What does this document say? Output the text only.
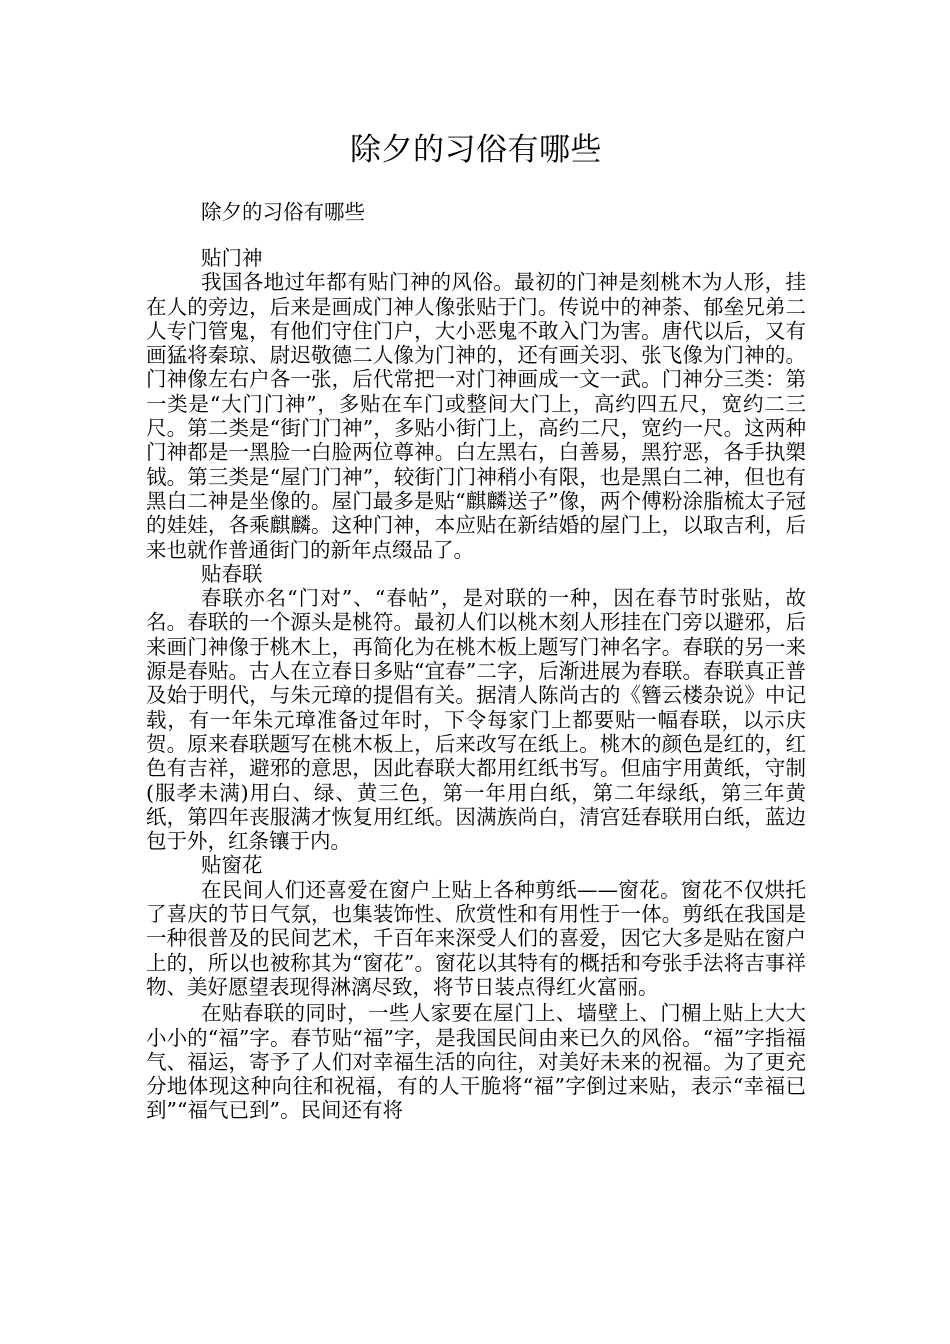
除夕的习俗有哪些
除夕的习俗有哪些

贴门神

我国各地过年都有贴门神的风俗。最初的门神是刻桃木为人形，挂在人的旁边，后来是画成门神人像张贴于门。传说中的神荼、郁垒兄弟二人专门管鬼，有他们守住门户，大小恶鬼不敢入门为害。唐代以后，又有画猛将秦琼、尉迟敬德二人像为门神的，还有画关羽、张飞像为门神的。门神像左右户各一张，后代常把一对门神画成一文一武。门神分三类：第一类是“大门门神”，多贴在车门或整间大门上，高约四五尺，宽约二三尺。第二类是“街门门神”，多贴小街门上，高约二尺，宽约一尺。这两种门神都是一黑脸一白脸两位尊神。白左黑右，白善易，黑狞恶，各手执槊钺。第三类是“屋门门神”，较街门门神稍小有限，也是黑白二神，但也有黑白二神是坐像的。屋门最多是贴“麒麟送子”像，两个傅粉涂脂梳太子冠的娃娃，各乘麒麟。这种门神，本应贴在新结婚的屋门上，以取吉利，后来也就作普通街门的新年点缀品了。

贴春联

春联亦名“门对”、“春帖”，是对联的一种，因在春节时张贴，故名。春联的一个源头是桃符。最初人们以桃木刻人形挂在门旁以避邪，后来画门神像于桃木上，再简化为在桃木板上题写门神名字。春联的另一来源是春贴。古人在立春日多贴“宜春”二字，后渐进展为春联。春联真正普及始于明代，与朱元璋的提倡有关。据清人陈尚古的《簪云楼杂说》中记载，有一年朱元璋准备过年时，下令每家门上都要贴一幅春联，以示庆贺。原来春联题写在桃木板上，后来改写在纸上。桃木的颜色是红的，红色有吉祥，避邪的意思，因此春联大都用红纸书写。但庙宇用黄纸，守制(服孝未满)用白、绿、黄三色，第一年用白纸，第二年绿纸，第三年黄纸，第四年丧服满才恢复用红纸。因满族尚白，清宫廷春联用白纸，蓝边包于外，红条镶于内。

贴窗花

在民间人们还喜爱在窗户上贴上各种剪纸——窗花。窗花不仅烘托了喜庆的节日气氛，也集装饰性、欣赏性和有用性于一体。剪纸在我国是一种很普及的民间艺术，千百年来深受人们的喜爱，因它大多是贴在窗户上的，所以也被称其为“窗花”。窗花以其特有的概括和夸张手法将吉事祥物、美好愿望表现得淋漓尽致，将节日装点得红火富丽。

在贴春联的同时，一些人家要在屋门上、墙壁上、门楣上贴上大大小小的“福”字。春节贴“福”字，是我国民间由来已久的风俗。“福”字指福气、福运，寄予了人们对幸福生活的向往，对美好未来的祝福。为了更充分地体现这种向往和祝福，有的人干脆将“福”字倒过来贴，表示“幸福已到”“福气已到”。民间还有将
